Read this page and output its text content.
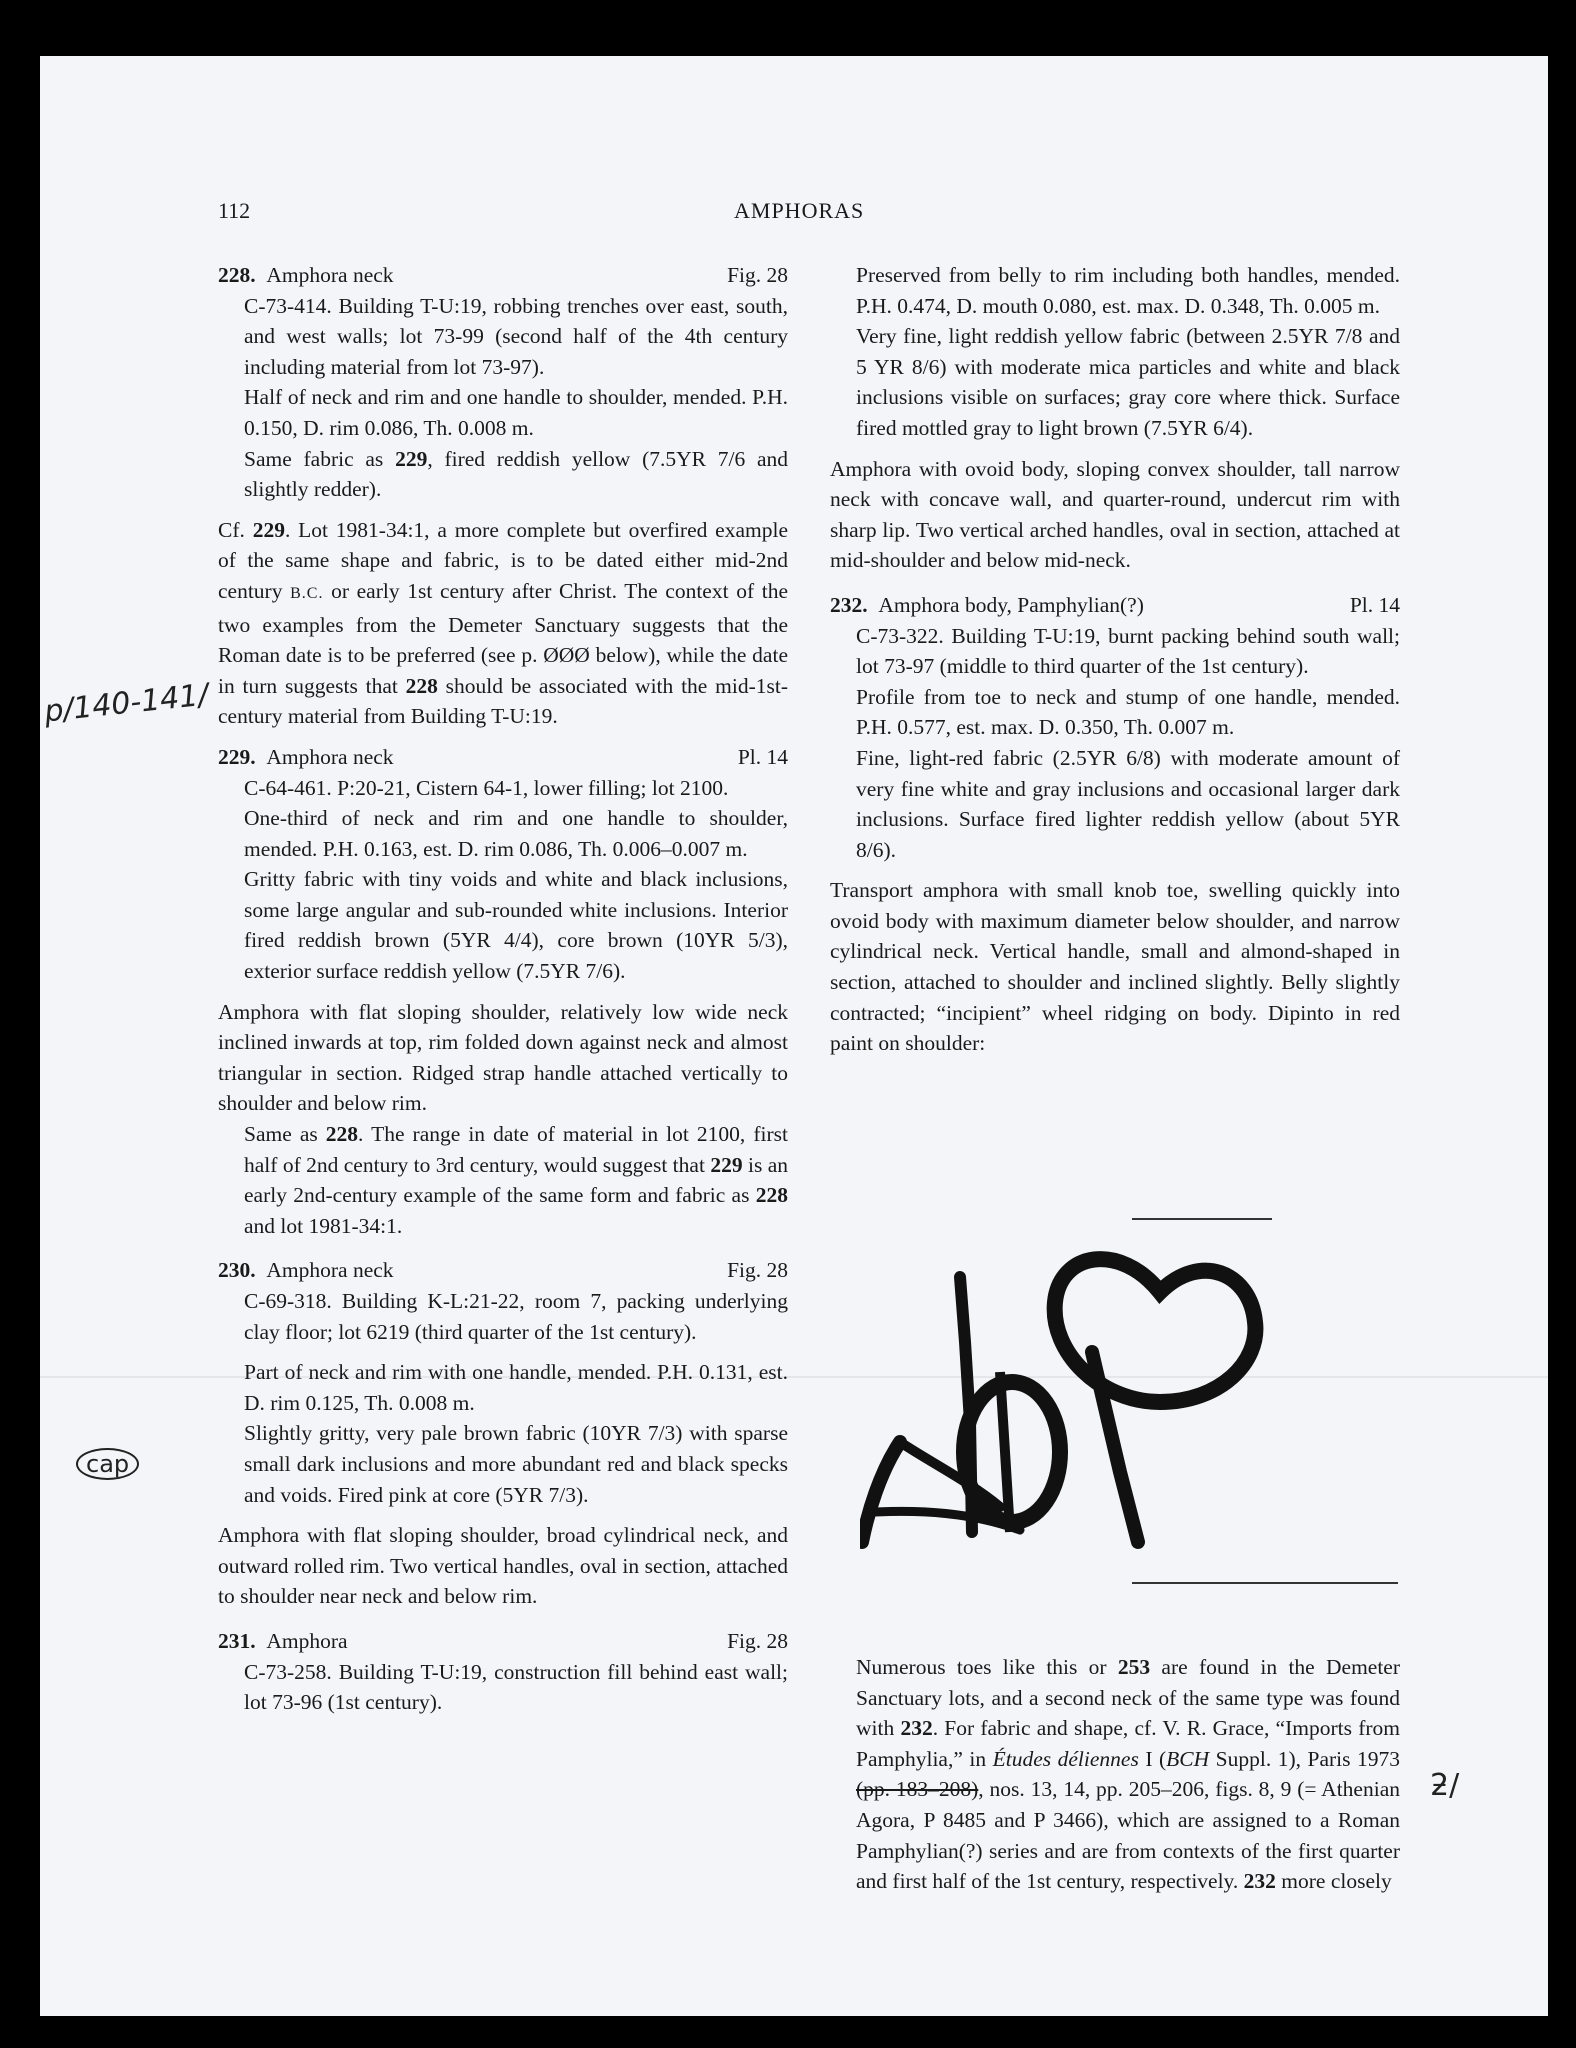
112	AMPHORAS
228. Amphora neck	Fig. 28

C-73-414. Building T-U:19, robbing trenches over east, south, and west walls; lot 73-99 (second half of the 4th century including material from lot 73-97).

Half of neck and rim and one handle to shoulder, mended. P.H. 0.150, D. rim 0.086, Th. 0.008 m.

Same fabric as 229, fired reddish yellow (7.5YR 7/6 and slightly redder).

Cf. 229. Lot 1981-34:1, a more complete but overfired example of the same shape and fabric, is to be dated either mid-2nd century B.C. or early 1st century after Christ. The context of the two examples from the Demeter Sanctuary suggests that the Roman date is to be preferred (see p. ØØØ below), while the date in turn suggests that 228 should be associated with the mid-1st-century material from Building T-U:19.

229. Amphora neck	Pl. 14

C-64-461. P:20-21, Cistern 64-1, lower filling; lot 2100.

One-third of neck and rim and one handle to shoulder, mended. P.H. 0.163, est. D. rim 0.086, Th. 0.006–0.007 m.

Gritty fabric with tiny voids and white and black inclusions, some large angular and sub-rounded white inclusions. Interior fired reddish brown (5YR 4/4), core brown (10YR 5/3), exterior surface reddish yellow (7.5YR 7/6).

Amphora with flat sloping shoulder, relatively low wide neck inclined inwards at top, rim folded down against neck and almost triangular in section. Ridged strap handle attached vertically to shoulder and below rim.

Same as 228. The range in date of material in lot 2100, first half of 2nd century to 3rd century, would suggest that 229 is an early 2nd-century example of the same form and fabric as 228 and lot 1981-34:1.

230. Amphora neck	Fig. 28

C-69-318. Building K-L:21-22, room 7, packing underlying clay floor; lot 6219 (third quarter of the 1st century).

Part of neck and rim with one handle, mended. P.H. 0.131, est. D. rim 0.125, Th. 0.008 m.

Slightly gritty, very pale brown fabric (10YR 7/3) with sparse small dark inclusions and more abundant red and black specks and voids. Fired pink at core (5YR 7/3).

Amphora with flat sloping shoulder, broad cylindrical neck, and outward rolled rim. Two vertical handles, oval in section, attached to shoulder near neck and below rim.

231. Amphora	Fig. 28

C-73-258. Building T-U:19, construction fill behind east wall; lot 73-96 (1st century).

Preserved from belly to rim including both handles, mended. P.H. 0.474, D. mouth 0.080, est. max. D. 0.348, Th. 0.005 m.

Very fine, light reddish yellow fabric (between 2.5YR 7/8 and 5 YR 8/6) with moderate mica particles and white and black inclusions visible on surfaces; gray core where thick. Surface fired mottled gray to light brown (7.5YR 6/4).

Amphora with ovoid body, sloping convex shoulder, tall narrow neck with concave wall, and quarter-round, undercut rim with sharp lip. Two vertical arched handles, oval in section, attached at mid-shoulder and below mid-neck.

232. Amphora body, Pamphylian(?)	Pl. 14

C-73-322. Building T-U:19, burnt packing behind south wall; lot 73-97 (middle to third quarter of the 1st century).

Profile from toe to neck and stump of one handle, mended. P.H. 0.577, est. max. D. 0.350, Th. 0.007 m.

Fine, light-red fabric (2.5YR 6/8) with moderate amount of very fine white and gray inclusions and occasional larger dark inclusions. Surface fired lighter reddish yellow (about 5YR 8/6).

Transport amphora with small knob toe, swelling quickly into ovoid body with maximum diameter below shoulder, and narrow cylindrical neck. Vertical handle, small and almond-shaped in section, attached to shoulder and inclined slightly. Belly slightly contracted; “incipient” wheel ridging on body. Dipinto in red paint on shoulder:

Numerous toes like this or 253 are found in the Demeter Sanctuary lots, and a second neck of the same type was found with 232. For fabric and shape, cf. V. R. Grace, “Imports from Pamphylia,” in Études déliennes I (BCH Suppl. 1), Paris 1973 (pp. 183–208), nos. 13, 14, pp. 205–206, figs. 8, 9 (= Athenian Agora, P 8485 and P 3466), which are assigned to a Roman Pamphylian(?) series and are from contexts of the first quarter and first half of the 1st century, respectively. 232 more closely

p/140-141/
cap
ƻ/
